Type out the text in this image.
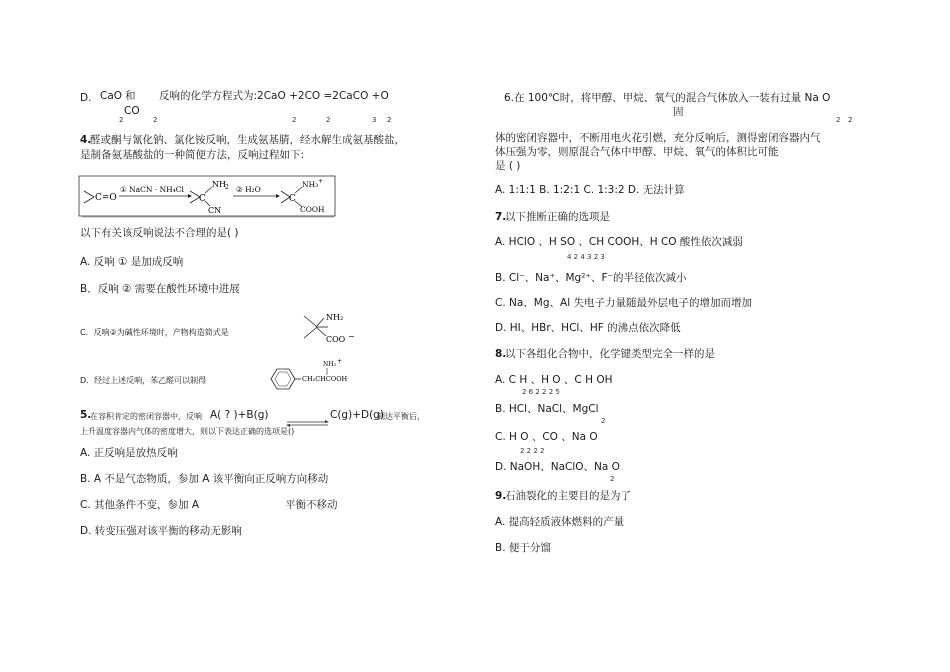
D. CaO 和
CO
反响的化学方程式为:2CaO +2CO =2CaCO +O
2	2	2	2	3 2
4.
醛或酮与氰化钠、氯化铵反响，生成氨基腈，经水解生成氨基酸盐，
是制备氨基酸盐的一种简便方法，反响过程如下:
C=O
① NaCN · NH₄Cl
C
NH 2
CN
② H₂O
C
NH₃ +
COOH
以下有关该反响说法不合理的是( )
A. 反响 ① 是加成反响
B．反响 ② 需要在酸性环境中进展
C．反响②为碱性环境时，产物构造简式是
NH₂
COO −
D．经过上述反响，苯乙醛可以制得
NH₃ +
CH₂CHCOOH
5.
在容积肯定的密闭容器中，反响 A( ? )+B(g) ⇌ C(g)+D(g)
到达平衡后，
上升温度容器内气体的密度增大，则以下表达正确的选项是()
A. 正反响是放热反响
B. A 不是气态物质，参加 A 该平衡向正反响方向移动
C. 其他条件不变，参加 A	平衡不移动
D. 转变压强对该平衡的移动无影响
6.在 100℃时，将甲醇、甲烷、氧气的混合气体放入一装有过量 Na O
固
2 2
体的密闭容器中，不断用电火花引燃，充分反响后，测得密闭容器内气
体压强为零，则原混合气体中甲醇、甲烷、氧气的体积比可能
是 ( )
A. 1:1:1 B. 1:2:1 C. 1:3:2 D. 无法计算
7.
以下推断正确的选项是
A. HClO 、H SO 、CH COOH、H CO 酸性依次减弱
4 2 4 3 2 3
B. Cl⁻、Na⁺、Mg²⁺、F⁻的半径依次减小
C. Na、Mg、Al 失电子力量随最外层电子的增加而增加
D. HI、HBr、HCl、HF 的沸点依次降低
8.
以下各组化合物中，化学键类型完全一样的是
A. C H 、H O 、C H OH
2 6 2 2 2 5
B. HCl、NaCl、MgCl
2
C. H O 、CO 、Na O
2 2 2 2
D. NaOH、NaClO、Na O
2
9.
石油裂化的主要目的是为了
A. 提高轻质液体燃料的产量
B. 便于分馏
